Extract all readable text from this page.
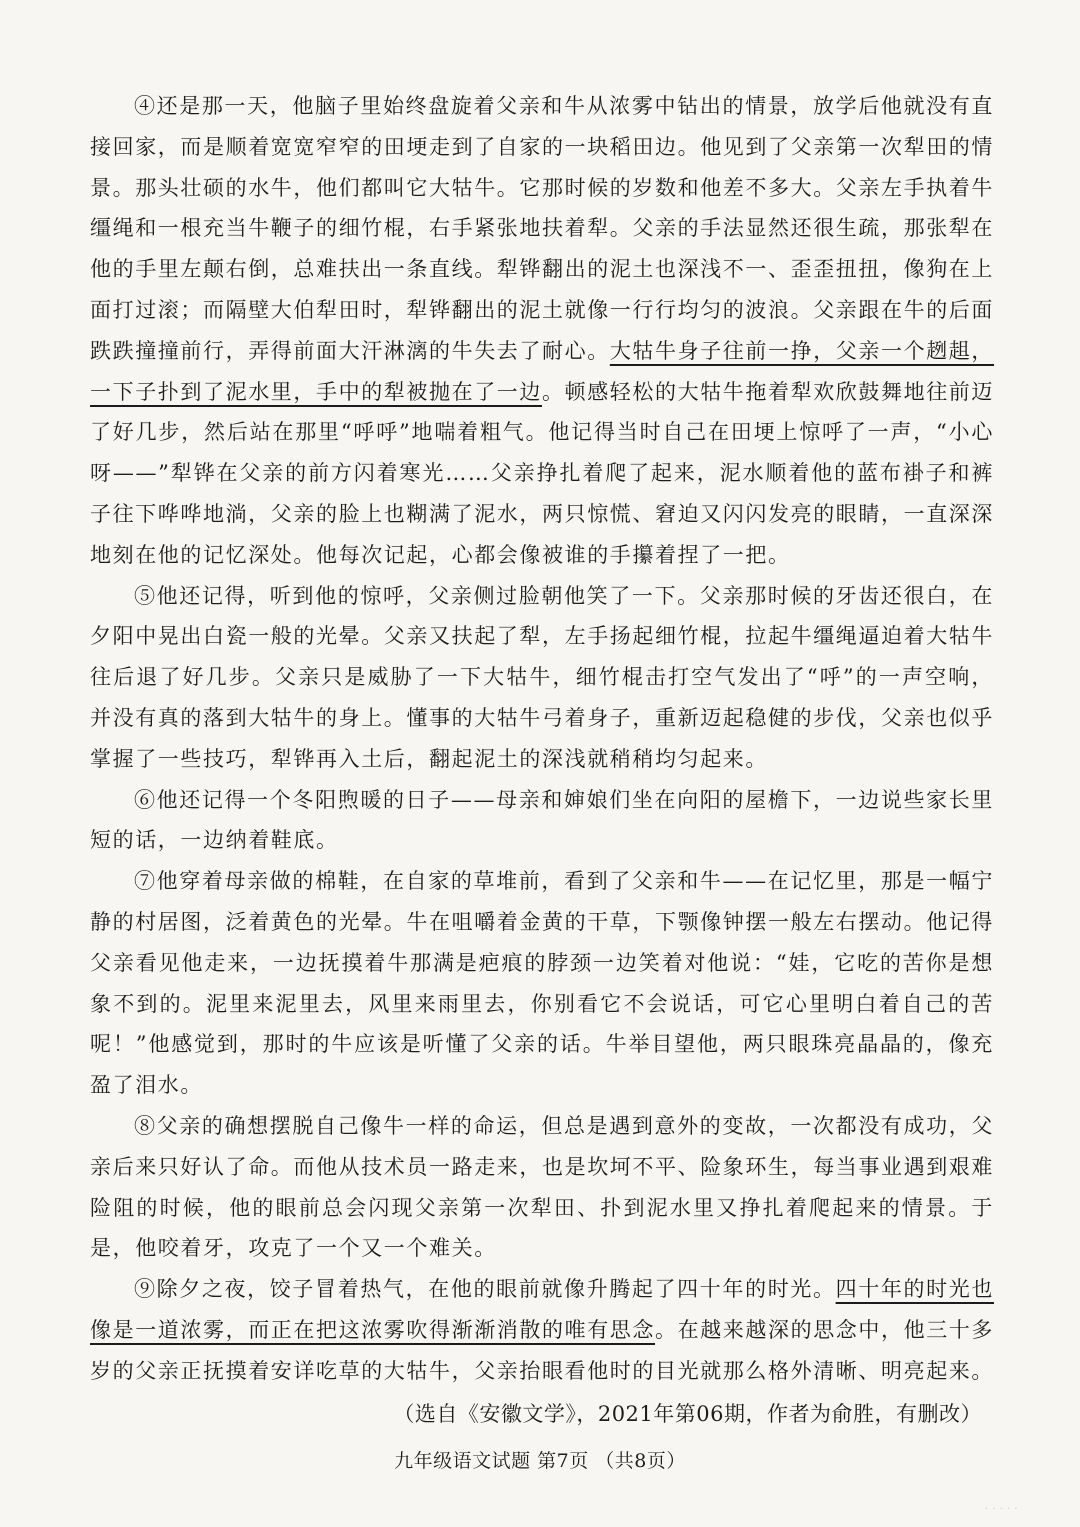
④还是那一天，他脑子里始终盘旋着父亲和牛从浓雾中钻出的情景，放学后他就没有直接回家，而是顺着宽宽窄窄的田埂走到了自家的一块稻田边。他见到了父亲第一次犁田的情景。那头壮硕的水牛，他们都叫它大牯牛。它那时候的岁数和他差不多大。父亲左手执着牛缰绳和一根充当牛鞭子的细竹棍，右手紧张地扶着犁。父亲的手法显然还很生疏，那张犁在他的手里左颠右倒，总难扶出一条直线。犁铧翻出的泥土也深浅不一、歪歪扭扭，像狗在上面打过滚；而隔壁大伯犁田时，犁铧翻出的泥土就像一行行均匀的波浪。父亲跟在牛的后面跌跌撞撞前行，弄得前面大汗淋漓的牛失去了耐心。大牯牛身子往前一挣，父亲一个趔趄，一下子扑到了泥水里，手中的犁被抛在了一边。顿感轻松的大牯牛拖着犁欢欣鼓舞地往前迈了好几步，然后站在那里“呼呼”地喘着粗气。他记得当时自己在田埂上惊呼了一声，“小心呀——”犁铧在父亲的前方闪着寒光……父亲挣扎着爬了起来，泥水顺着他的蓝布褂子和裤子往下哗哗地淌，父亲的脸上也糊满了泥水，两只惊慌、窘迫又闪闪发亮的眼睛，一直深深地刻在他的记忆深处。他每次记起，心都会像被谁的手攥着捏了一把。

⑤他还记得，听到他的惊呼，父亲侧过脸朝他笑了一下。父亲那时候的牙齿还很白，在夕阳中晃出白瓷一般的光晕。父亲又扶起了犁，左手扬起细竹棍，拉起牛缰绳逼迫着大牯牛往后退了好几步。父亲只是威胁了一下大牯牛，细竹棍击打空气发出了“呼”的一声空响，并没有真的落到大牯牛的身上。懂事的大牯牛弓着身子，重新迈起稳健的步伐，父亲也似乎掌握了一些技巧，犁铧再入土后，翻起泥土的深浅就稍稍均匀起来。

⑥他还记得一个冬阳煦暖的日子——母亲和婶娘们坐在向阳的屋檐下，一边说些家长里短的话，一边纳着鞋底。

⑦他穿着母亲做的棉鞋，在自家的草堆前，看到了父亲和牛——在记忆里，那是一幅宁静的村居图，泛着黄色的光晕。牛在咀嚼着金黄的干草，下颚像钟摆一般左右摆动。他记得父亲看见他走来，一边抚摸着牛那满是疤痕的脖颈一边笑着对他说：“娃，它吃的苦你是想象不到的。泥里来泥里去，风里来雨里去，你别看它不会说话，可它心里明白着自己的苦呢！”他感觉到，那时的牛应该是听懂了父亲的话。牛举目望他，两只眼珠亮晶晶的，像充盈了泪水。

⑧父亲的确想摆脱自己像牛一样的命运，但总是遇到意外的变故，一次都没有成功，父亲后来只好认了命。而他从技术员一路走来，也是坎坷不平、险象环生，每当事业遇到艰难险阻的时候，他的眼前总会闪现父亲第一次犁田、扑到泥水里又挣扎着爬起来的情景。于是，他咬着牙，攻克了一个又一个难关。

⑨除夕之夜，饺子冒着热气，在他的眼前就像升腾起了四十年的时光。四十年的时光也像是一道浓雾，而正在把这浓雾吹得渐渐消散的唯有思念。在越来越深的思念中，他三十多岁的父亲正抚摸着安详吃草的大牯牛，父亲抬眼看他时的目光就那么格外清晰、明亮起来。

（选自《安徽文学》，2021年第06期，作者为俞胜，有删改）

九年级语文试题 第7页 （共8页）
· · · · ·
